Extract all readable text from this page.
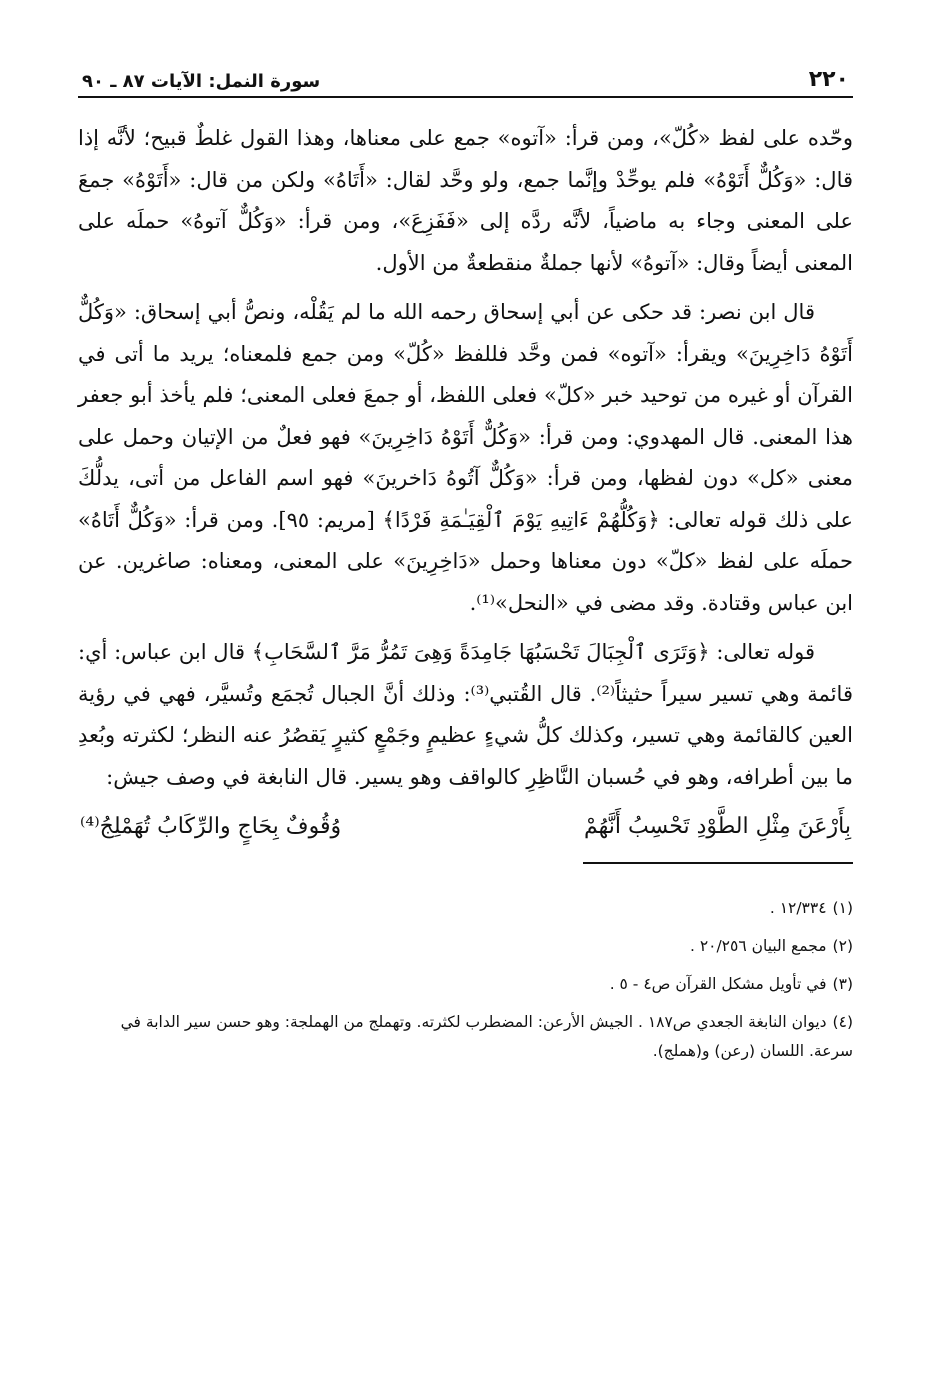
٢٢٠
سورة النمل: الآيات ٨٧ ـ ٩٠

وحّده على لفظ «كُلّ»، ومن قرأ: «آتوه» جمع على معناها، وهذا القول غلطٌ قبيح؛ لأنَّه إذا قال: «وَكُلٌّ أَتَوْهُ» فلم يوحِّدْ وإنَّما جمع، ولو وحَّد لقال: «أَتَاهُ» ولكن من قال: «أَتَوْهُ» جمعَ على المعنى وجاء به ماضياً، لأنَّه ردَّه إلى «فَفَزِعَ»، ومن قرأ: «وَكُلٌّ آتوهُ» حملَه على المعنى أيضاً وقال: «آتوهُ» لأنها جملةٌ منقطعةٌ من الأول.

قال ابن نصر: قد حكى عن أبي إسحاق رحمه الله ما لم يَقُلْه، ونصُّ أبي إسحاق: «وَكُلٌّ أَتَوْهُ دَاخِرِينَ» ويقرأ: «آتوه» فمن وحَّد فللفظ «كُلّ» ومن جمع فلمعناه؛ يريد ما أتى في القرآن أو غيره من توحيد خبر «كلّ» فعلى اللفظ، أو جمعَ فعلى المعنى؛ فلم يأخذ أبو جعفر هذا المعنى. قال المهدوي: ومن قرأ: «وَكُلٌّ أَتَوْهُ دَاخِرِينَ» فهو فعلٌ من الإتيان وحمل على معنى «كل» دون لفظها، ومن قرأ: «وَكُلٌّ آتُوهُ دَاخرينَ» فهو اسم الفاعل من أتى، يدلُّكَ على ذلك قوله تعالى: ﴿وَكُلُّهُمْ ءَاتِيهِ يَوْمَ ٱلْقِيَـٰمَةِ فَرْدًا﴾ [مريم: ٩٥]. ومن قرأ: «وَكُلٌّ أَتَاهُ» حملَه على لفظ «كلّ» دون معناها وحمل «دَاخِرِينَ» على المعنى، ومعناه: صاغرين. عن ابن عباس وقتادة. وقد مضى في «النحل»⁽¹⁾.

قوله تعالى: ﴿وَتَرَى ٱلْجِبَالَ تَحْسَبُهَا جَامِدَةً وَهِىَ تَمُرُّ مَرَّ ٱلسَّحَابِ﴾ قال ابن عباس: أي: قائمة وهي تسير سيراً حثيثاً⁽²⁾. قال القُتبي⁽³⁾: وذلك أنَّ الجبال تُجمَع وتُسيَّر، فهي في رؤية العين كالقائمة وهي تسير، وكذلك كلُّ شيءٍ عظيمٍ وجَمْعٍ كثيرٍ يَقصُرُ عنه النظر؛ لكثرته وبُعدِ ما بين أطرافه، وهو في حُسبان النَّاظِرِ كالواقف وهو يسير. قال النابغة في وصف جيش:

بِأَرْعَنَ مِثْلِ الطَّوْدِ تَحْسِبُ أَنَّهُمْ
وُقُوفٌ بِحَاجٍ والرِّكَابُ تُهَمْلِجُ⁽⁴⁾

(١)١٢/٣٣٤ .

(٢)مجمع البيان ٢٠/٢٥٦ .

(٣)في تأويل مشكل القرآن ص٤ - ٥ .

(٤)ديوان النابغة الجعدي ص١٨٧ . الجيش الأرعن: المضطرب لكثرته. وتهملج من الهملجة: وهو حسن سير الدابة في سرعة. اللسان (رعن) و(هملج).
